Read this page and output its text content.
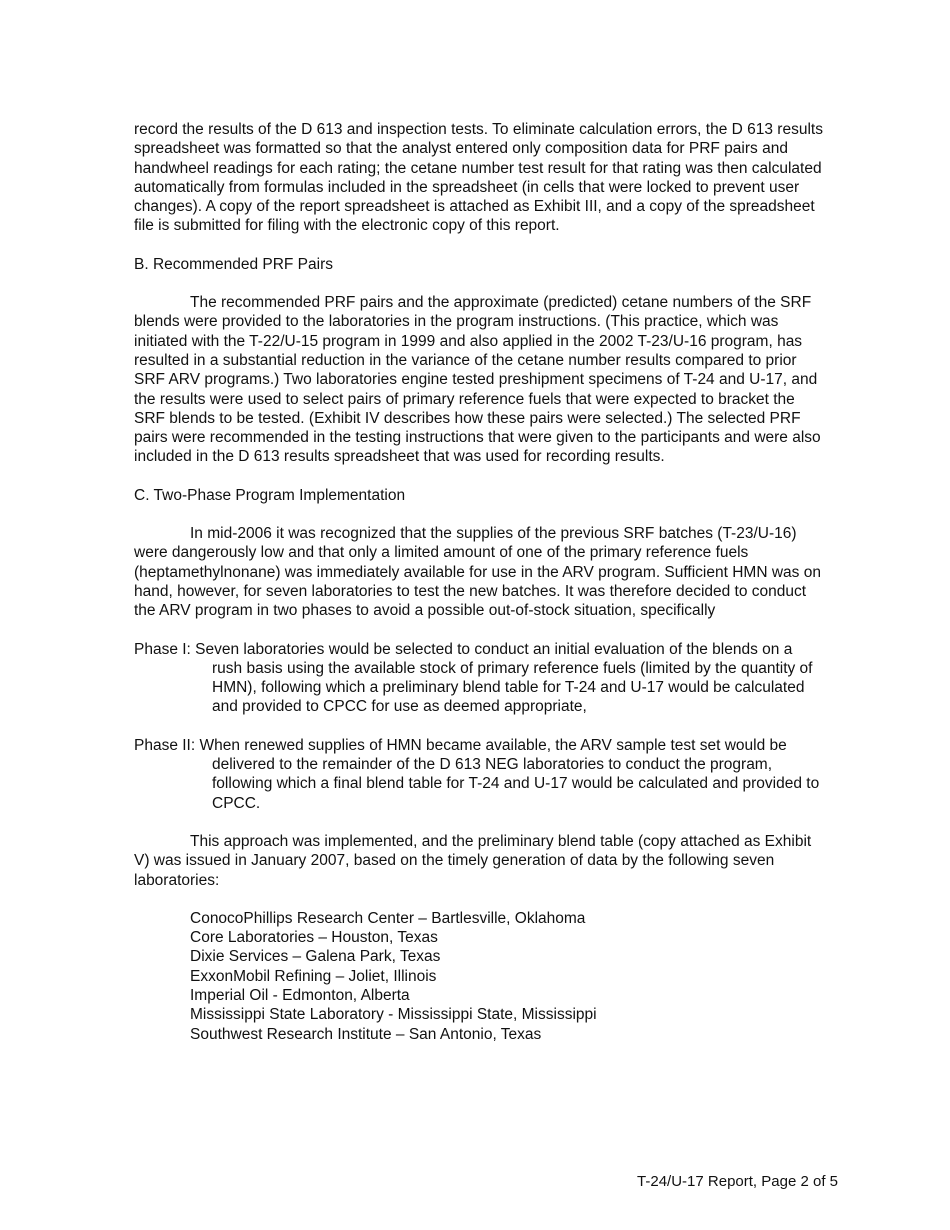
record the results of the D 613 and inspection tests. To eliminate calculation errors, the D 613 results spreadsheet was formatted so that the analyst entered only composition data for PRF pairs and handwheel readings for each rating; the cetane number test result for that rating was then calculated automatically from formulas included in the spreadsheet (in cells that were locked to prevent user changes). A copy of the report spreadsheet is attached as Exhibit III, and a copy of the spreadsheet file is submitted for filing with the electronic copy of this report.

B. Recommended PRF Pairs

The recommended PRF pairs and the approximate (predicted) cetane numbers of the SRF blends were provided to the laboratories in the program instructions. (This practice, which was initiated with the T-22/U-15 program in 1999 and also applied in the 2002 T-23/U-16 program, has resulted in a substantial reduction in the variance of the cetane number results compared to prior SRF ARV programs.) Two laboratories engine tested preshipment specimens of T-24 and U-17, and the results were used to select pairs of primary reference fuels that were expected to bracket the SRF blends to be tested. (Exhibit IV describes how these pairs were selected.) The selected PRF pairs were recommended in the testing instructions that were given to the participants and were also included in the D 613 results spreadsheet that was used for recording results.

C. Two-Phase Program Implementation

In mid-2006 it was recognized that the supplies of the previous SRF batches (T-23/U-16) were dangerously low and that only a limited amount of one of the primary reference fuels (heptamethylnonane) was immediately available for use in the ARV program. Sufficient HMN was on hand, however, for seven laboratories to test the new batches. It was therefore decided to conduct the ARV program in two phases to avoid a possible out-of-stock situation, specifically

Phase I: Seven laboratories would be selected to conduct an initial evaluation of the blends on a rush basis using the available stock of primary reference fuels (limited by the quantity of HMN), following which a preliminary blend table for T-24 and U-17 would be calculated and provided to CPCC for use as deemed appropriate,

Phase II: When renewed supplies of HMN became available, the ARV sample test set would be delivered to the remainder of the D 613 NEG laboratories to conduct the program, following which a final blend table for T-24 and U-17 would be calculated and provided to CPCC.

This approach was implemented, and the preliminary blend table (copy attached as Exhibit V) was issued in January 2007, based on the timely generation of data by the following seven laboratories:

ConocoPhillips Research Center – Bartlesville, Oklahoma
Core Laboratories – Houston, Texas
Dixie Services – Galena Park, Texas
ExxonMobil Refining – Joliet, Illinois
Imperial Oil - Edmonton, Alberta
Mississippi State Laboratory - Mississippi State, Mississippi
Southwest Research Institute – San Antonio, Texas
T-24/U-17 Report, Page 2 of 5
